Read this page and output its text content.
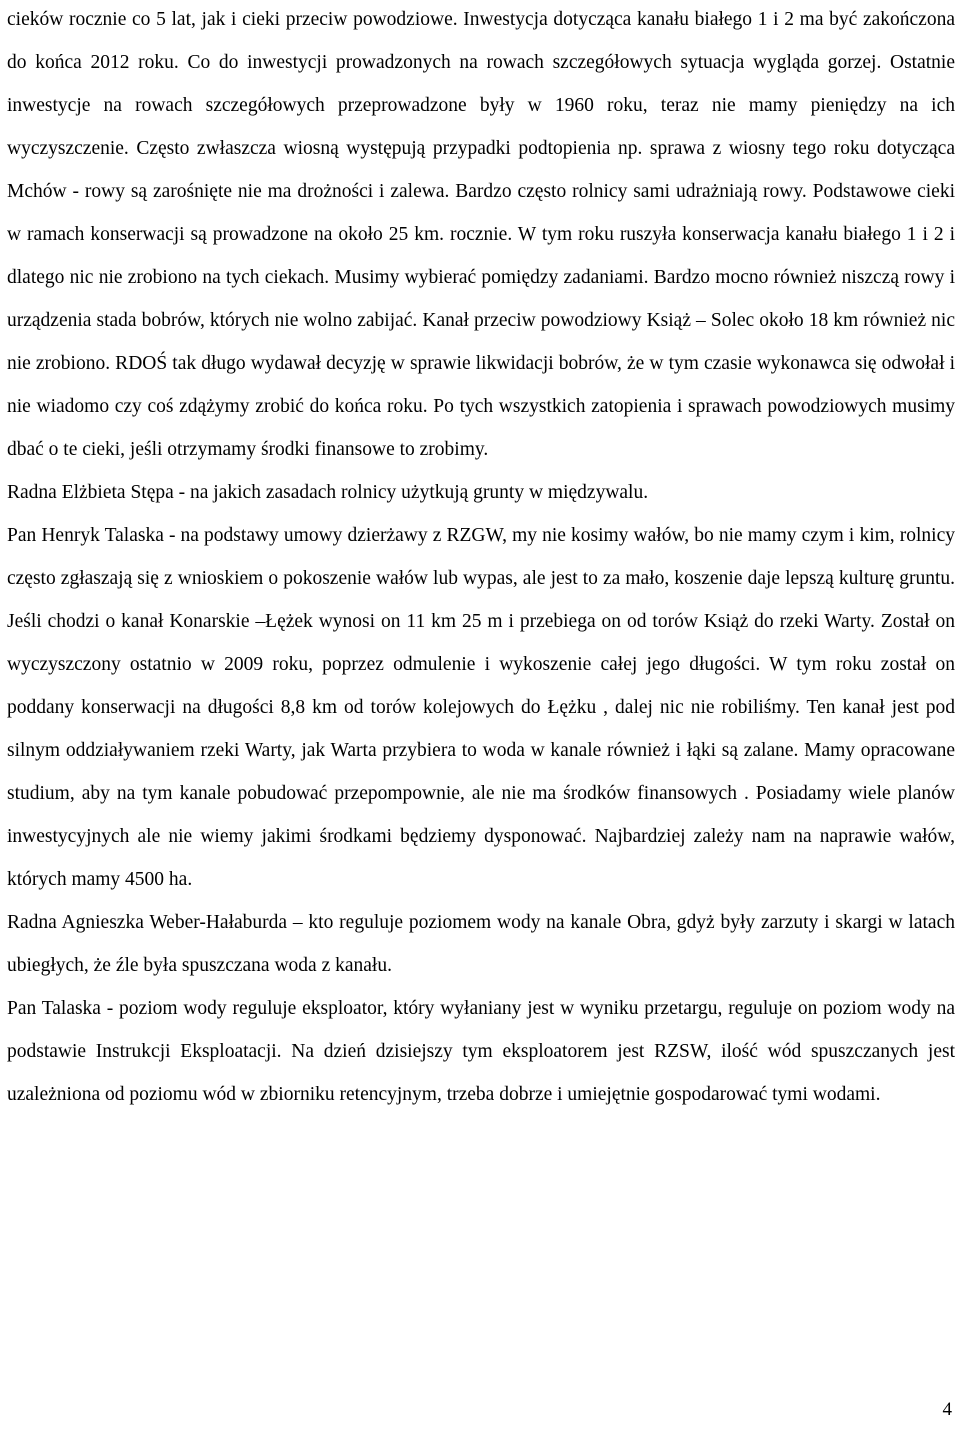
cieków rocznie co 5 lat, jak i cieki przeciw powodziowe. Inwestycja dotycząca kanału białego 1 i 2 ma być zakończona do końca 2012 roku. Co do inwestycji prowadzonych na rowach szczegółowych sytuacja wygląda gorzej. Ostatnie inwestycje na rowach szczegółowych przeprowadzone były w 1960 roku, teraz nie mamy pieniędzy na ich wyczyszczenie. Często zwłaszcza wiosną występują przypadki podtopienia np. sprawa z wiosny tego roku dotycząca Mchów - rowy są zarośnięte nie ma drożności i zalewa. Bardzo często rolnicy sami udrażniają rowy. Podstawowe cieki w ramach konserwacji są prowadzone na około 25 km. rocznie. W tym roku ruszyła konserwacja kanału białego 1 i 2 i dlatego nic nie zrobiono na tych ciekach. Musimy wybierać pomiędzy zadaniami. Bardzo mocno również niszczą rowy i urządzenia stada bobrów, których nie wolno zabijać. Kanał przeciw powodziowy Książ – Solec około 18 km również nic nie zrobiono. RDOŚ tak długo wydawał decyzję w sprawie likwidacji bobrów, że w tym czasie wykonawca się odwołał i nie wiadomo czy coś zdążymy zrobić do końca roku. Po tych wszystkich zatopienia i sprawach powodziowych musimy dbać o te cieki, jeśli otrzymamy środki finansowe to zrobimy.

Radna Elżbieta Stępa - na jakich zasadach rolnicy użytkują grunty w międzywalu.

Pan Henryk Talaska - na podstawy umowy dzierżawy z RZGW, my nie kosimy wałów, bo nie mamy czym i kim, rolnicy często zgłaszają się z wnioskiem o pokoszenie wałów lub wypas, ale jest to za mało, koszenie daje lepszą kulturę gruntu. Jeśli chodzi o kanał Konarskie –Łężek wynosi on 11 km 25 m i przebiega on od torów Książ do rzeki Warty. Został on wyczyszczony ostatnio w 2009 roku, poprzez odmulenie i wykoszenie całej jego długości. W tym roku został on poddany konserwacji na długości 8,8 km od torów kolejowych do Łężku , dalej nic nie robiliśmy. Ten kanał jest pod silnym oddziaływaniem rzeki Warty, jak Warta przybiera to woda w kanale również i łąki są zalane. Mamy opracowane studium, aby na tym kanale pobudować przepompownie, ale nie ma środków finansowych . Posiadamy wiele planów inwestycyjnych ale nie wiemy jakimi środkami będziemy dysponować. Najbardziej zależy nam na naprawie wałów, których mamy 4500 ha.

Radna Agnieszka Weber-Hałaburda – kto reguluje poziomem wody na kanale Obra, gdyż były zarzuty i skargi w latach ubiegłych, że źle była spuszczana woda z kanału.

Pan Talaska - poziom wody reguluje eksploator, który wyłaniany jest w wyniku przetargu, reguluje on poziom wody na podstawie Instrukcji Eksploatacji. Na dzień dzisiejszy tym eksploatorem jest RZSW, ilość wód spuszczanych jest uzależniona od poziomu wód w zbiorniku retencyjnym, trzeba dobrze i umiejętnie gospodarować tymi wodami.

4
